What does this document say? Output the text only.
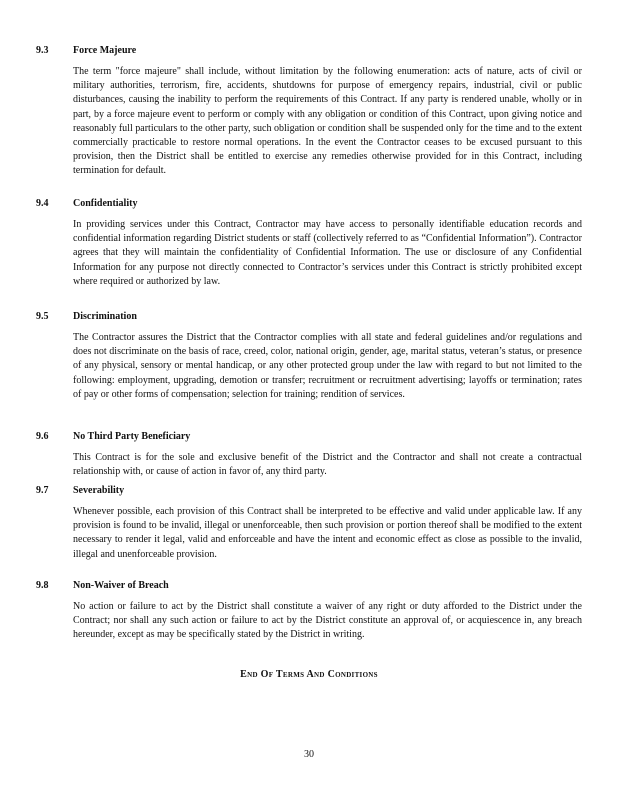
9.3 Force Majeure
The term "force majeure" shall include, without limitation by the following enumeration: acts of nature, acts of civil or military authorities, terrorism, fire, accidents, shutdowns for purpose of emergency repairs, industrial, civil or public disturbances, causing the inability to perform the requirements of this Contract. If any party is rendered unable, wholly or in part, by a force majeure event to perform or comply with any obligation or condition of this Contract, upon giving notice and reasonably full particulars to the other party, such obligation or condition shall be suspended only for the time and to the extent commercially practicable to restore normal operations. In the event the Contractor ceases to be excused pursuant to this provision, then the District shall be entitled to exercise any remedies otherwise provided for in this Contract, including termination for default.
9.4 Confidentiality
In providing services under this Contract, Contractor may have access to personally identifiable education records and confidential information regarding District students or staff (collectively referred to as “Confidential Information”). Contractor agrees that they will maintain the confidentiality of Confidential Information. The use or disclosure of any Confidential Information for any purpose not directly connected to Contractor’s services under this Contract is strictly prohibited except where required or authorized by law.
9.5 Discrimination
The Contractor assures the District that the Contractor complies with all state and federal guidelines and/or regulations and does not discriminate on the basis of race, creed, color, national origin, gender, age, marital status, veteran’s status, or presence of any physical, sensory or mental handicap, or any other protected group under the law with regard to but not limited to the following: employment, upgrading, demotion or transfer; recruitment or recruitment advertising; layoffs or termination; rates of pay or other forms of compensation; selection for training; rendition of services.
9.6 No Third Party Beneficiary
This Contract is for the sole and exclusive benefit of the District and the Contractor and shall not create a contractual relationship with, or cause of action in favor of, any third party.
9.7 Severability
Whenever possible, each provision of this Contract shall be interpreted to be effective and valid under applicable law. If any provision is found to be invalid, illegal or unenforceable, then such provision or portion thereof shall be modified to the extent necessary to render it legal, valid and enforceable and have the intent and economic effect as close as possible to the invalid, illegal and unenforceable provision.
9.8 Non-Waiver of Breach
No action or failure to act by the District shall constitute a waiver of any right or duty afforded to the District under the Contract; nor shall any such action or failure to act by the District constitute an approval of, or acquiescence in, any breach hereunder, except as may be specifically stated by the District in writing.
End Of Terms And Conditions
30
